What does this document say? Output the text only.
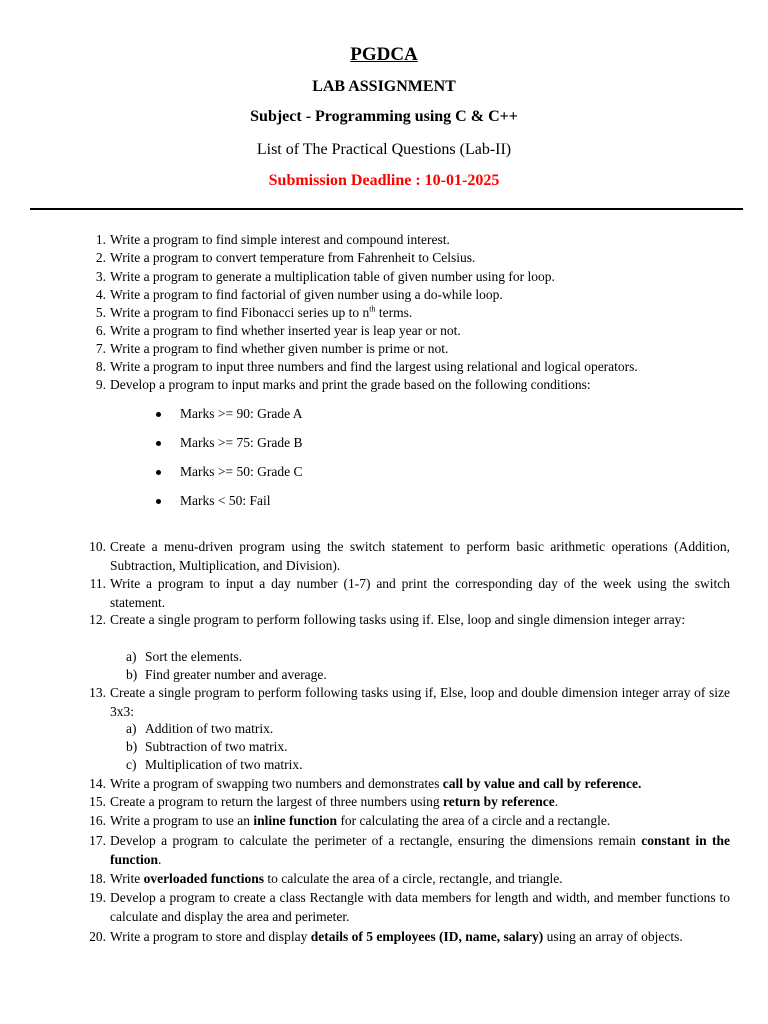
PGDCA
LAB ASSIGNMENT
Subject - Programming using C & C++
List of The Practical Questions (Lab-II)
Submission Deadline : 10-01-2025
1. Write a program to find simple interest and compound interest.
2. Write a program to convert temperature from Fahrenheit to Celsius.
3. Write a program to generate a multiplication table of given number using for loop.
4. Write a program to find factorial of given number using a do-while loop.
5. Write a program to find Fibonacci series up to $n^{th}$ terms.
6. Write a program to find whether inserted year is leap year or not.
7. Write a program to find whether given number is prime or not.
8. Write a program to input three numbers and find the largest using relational and logical operators.
9. Develop a program to input marks and print the grade based on the following conditions:
Marks >= 90: Grade A
Marks >= 75: Grade B
Marks >= 50: Grade C
Marks < 50: Fail
10. Create a menu-driven program using the switch statement to perform basic arithmetic operations (Addition, Subtraction, Multiplication, and Division).
11. Write a program to input a day number (1-7) and print the corresponding day of the week using the switch statement.
12. Create a single program to perform following tasks using if. Else, loop and single dimension integer array:
a) Sort the elements.
b) Find greater number and average.
13. Create a single program to perform following tasks using if, Else, loop and double dimension integer array of size 3x3:
a) Addition of two matrix.
b) Subtraction of two matrix.
c) Multiplication of two matrix.
14. Write a program of swapping two numbers and demonstrates call by value and call by reference.
15. Create a program to return the largest of three numbers using return by reference.
16. Write a program to use an inline function for calculating the area of a circle and a rectangle.
17. Develop a program to calculate the perimeter of a rectangle, ensuring the dimensions remain constant in the function.
18. Write overloaded functions to calculate the area of a circle, rectangle, and triangle.
19. Develop a program to create a class Rectangle with data members for length and width, and member functions to calculate and display the area and perimeter.
20. Write a program to store and display details of 5 employees (ID, name, salary) using an array of objects.
